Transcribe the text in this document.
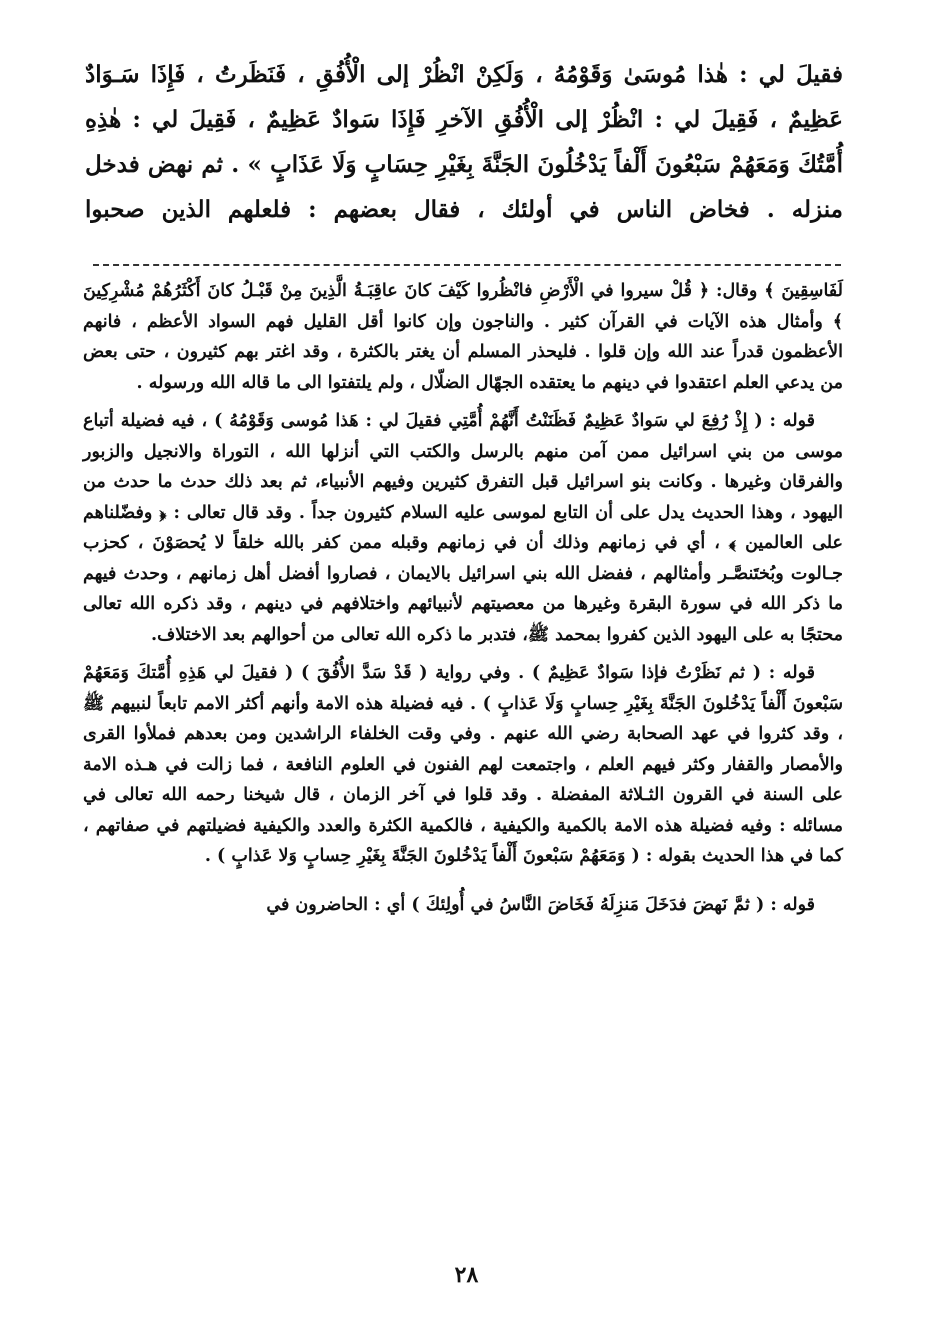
فقيلَ لي : هٰذا مُوسَىٰ وَقَوْمُهُ ، وَلَكِنْ انْظُرْ إلى الْأُفُقِ ، فَنَظَرتُ ، فَإِذَا سَـوَادٌ عَظِيمٌ ، فَقِيلَ لي : انْظُرْ إلى الْأُفُقِ الآخرِ فَإِذَا سَوادٌ عَظِيمٌ ، فَقِيلَ لي : هٰذِهِ أُمَّتُكَ وَمَعَهُمْ سَبْعُونَ أَلْفاً يَدْخُلُونَ الجَنَّةَ بِغَيْرِ حِسَابٍ وَلَا عَذَابٍ » . ثم نهض فدخل منزله . فخاض الناس في أولئك ، فقال بعضهم : فلعلهم الذين صحبوا

لَفَاسِقِينَ ﴾ وقال: ﴿ قُلْ سيروا في الْأَرْضِ فانْظُروا كَيْفَ كانَ عاقِبَـةُ الَّذِينَ مِنْ قَبْـلُ كانَ أَكْثَرُهُمْ مُشْرِكِينَ ﴾ وأمثال هذه الآيات في القرآن كثير . والناجون وإن كانوا أقل القليل فهم السواد الأعظم ، فانهم الأعظمون قدراً عند الله وإن قلوا . فليحذر المسلم أن يغتر بالكثرة ، وقد اغتر بهم كثيرون ، حتى بعض من يدعي العلم اعتقدوا في دينهم ما يعتقده الجهّال الضلّال ، ولم يلتفتوا الى ما قاله الله ورسوله .

قوله : ( إِذْ رُفِعَ لي سَوادٌ عَظِيمٌ فَظَنَنْتُ أَنَّهُمْ أُمَّتِي فقيلَ لي : هَذا مُوسى وَقَوْمُهُ ) ، فيه فضيلة أتباع موسى من بني اسرائيل ممن آمن منهم بالرسل والكتب التي أنزلها الله ، التوراة والانجيل والزبور والفرقان وغيرها . وكانت بنو اسرائيل قبل التفرق كثيرين وفيهم الأنبياء، ثم بعد ذلك حدث ما حدث من اليهود ، وهذا الحديث يدل على أن التابع لموسى عليه السلام كثيرون جداً . وقد قال تعالى : ﴿ وفضّلناهم على العالمين ﴾ ، أي في زمانهم وذلك أن في زمانهم وقبله ممن كفر بالله خلقاً لا يُحصَوْنَ ، كحزب جـالوت وبُختَنصَّـر وأمثالهم ، ففضل الله بني اسرائيل بالايمان ، فصاروا أفضل أهل زمانهم ، وحدث فيهم ما ذكر الله في سورة البقرة وغيرها من معصيتهم لأنبيائهم واختلافهم في دينهم ، وقد ذكره الله تعالى محتجًا به على اليهود الذين كفروا بمحمد ﷺ، فتدبر ما ذكره الله تعالى من أحوالهم بعد الاختلاف.

قوله : ( ثم نَظَرْتُ فإذا سَوادٌ عَظِيمٌ ) . وفي رواية ( قَدْ سَدَّ الأُفُقَ ) ( فقيلَ لي هَذِهِ أُمَّتكَ وَمَعَهُمْ سَبْعونَ أَلْفاً يَدْخُلونَ الجَنَّةَ بِغَيْرِ حِسابٍ وَلَا عَذابٍ ) . فيه فضيلة هذه الامة وأنهم أكثر الامم تابعاً لنبيهم ﷺ ، وقد كثروا في عهد الصحابة رضي الله عنهم . وفي وقت الخلفاء الراشدين ومن بعدهم فملأوا القرى والأمصار والقفار وكثر فيهم العلم ، واجتمعت لهم الفنون في العلوم النافعة ، فما زالت في هـذه الامة على السنة في القرون الثـلاثة المفضلة . وقد قلوا في آخر الزمان ، قال شيخنا رحمه الله تعالى في مسائله : وفيه فضيلة هذه الامة بالكمية والكيفية ، فالكمية الكثرة والعدد والكيفية فضيلتهم في صفاتهم ، كما في هذا الحديث بقوله : ( وَمَعَهُمْ سَبْعونَ أَلْفاً يَدْخُلونَ الجَنَّةَ بِغَيْرِ حِسابٍ وَلا عَذابٍ ) .

قوله : ( ثمَّ نَهضَ فدَخَلَ مَنزِلَهُ فَخَاضَ النَّاسُ في أُولِئكَ ) أي : الحاضرون في

٢٨
